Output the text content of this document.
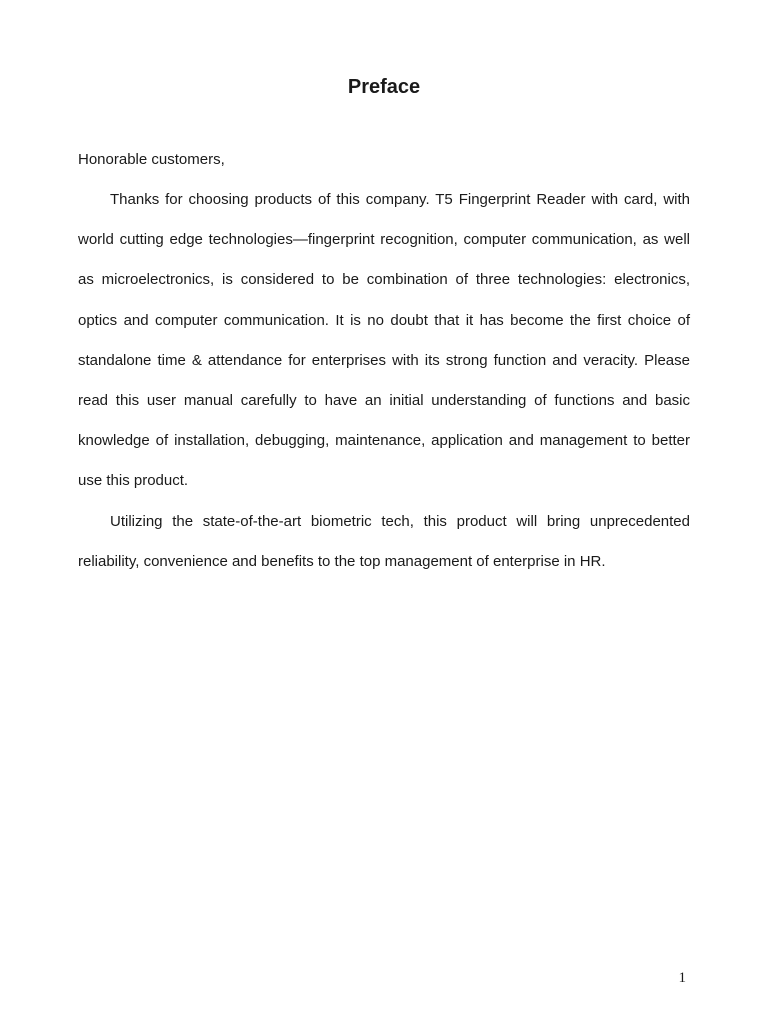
Preface

Honorable customers,

Thanks for choosing products of this company. T5 Fingerprint Reader with card, with world cutting edge technologies—fingerprint recognition, computer communication, as well as microelectronics, is considered to be combination of three technologies: electronics, optics and computer communication. It is no doubt that it has become the first choice of standalone time & attendance for enterprises with its strong function and veracity. Please read this user manual carefully to have an initial understanding of functions and basic knowledge of installation, debugging, maintenance, application and management to better use this product.

Utilizing the state-of-the-art biometric tech, this product will bring unprecedented reliability, convenience and benefits to the top management of enterprise in HR.

1
